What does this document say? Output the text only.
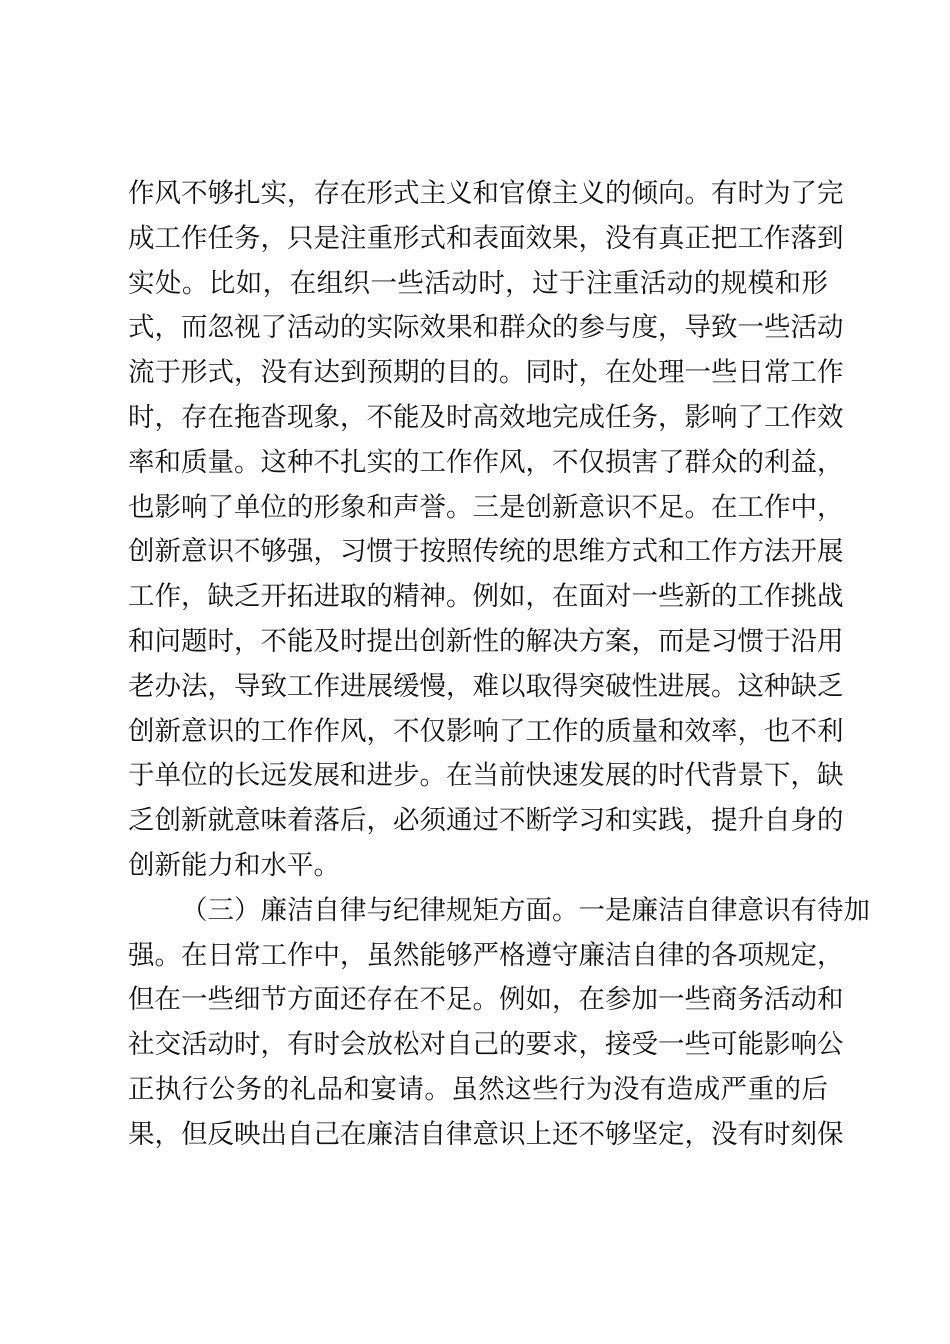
作风不够扎实，存在形式主义和官僚主义的倾向。有时为了完
成工作任务，只是注重形式和表面效果，没有真正把工作落到
实处。比如，在组织一些活动时，过于注重活动的规模和形
式，而忽视了活动的实际效果和群众的参与度，导致一些活动
流于形式，没有达到预期的目的。同时，在处理一些日常工作
时，存在拖沓现象，不能及时高效地完成任务，影响了工作效
率和质量。这种不扎实的工作作风，不仅损害了群众的利益，
也影响了单位的形象和声誉。三是创新意识不足。在工作中，
创新意识不够强，习惯于按照传统的思维方式和工作方法开展
工作，缺乏开拓进取的精神。例如，在面对一些新的工作挑战
和问题时，不能及时提出创新性的解决方案，而是习惯于沿用
老办法，导致工作进展缓慢，难以取得突破性进展。这种缺乏
创新意识的工作作风，不仅影响了工作的质量和效率，也不利
于单位的长远发展和进步。在当前快速发展的时代背景下，缺
乏创新就意味着落后，必须通过不断学习和实践，提升自身的
创新能力和水平。
（三）廉洁自律与纪律规矩方面。一是廉洁自律意识有待加
强。在日常工作中，虽然能够严格遵守廉洁自律的各项规定，
但在一些细节方面还存在不足。例如，在参加一些商务活动和
社交活动时，有时会放松对自己的要求，接受一些可能影响公
正执行公务的礼品和宴请。虽然这些行为没有造成严重的后
果，但反映出自己在廉洁自律意识上还不够坚定，没有时刻保
